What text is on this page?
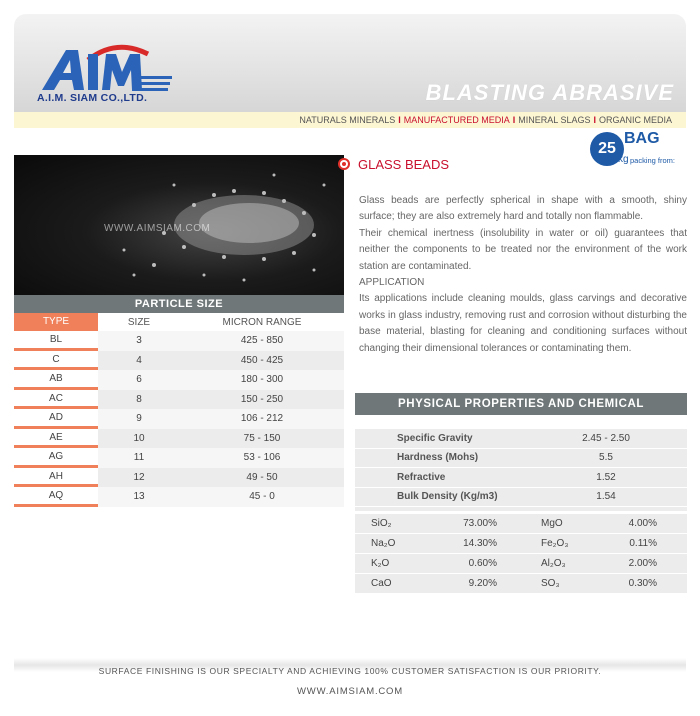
A.I.M. SIAM CO.,LTD.	BLASTING ABRASIVE
NATURALS MINERALS I MANUFACTURED MEDIA I MINERAL SLAGS I ORGANIC MEDIA
WWW.AIMSIAM.COM
PARTICLE SIZE
TYPE	SIZE	MICRON RANGE
BL	3	425 - 850
C	4	450 - 425
AB	6	180 - 300
AC	8	150 - 250
AD	9	106 - 212
AE	10	75 - 150
AG	11	53 - 106
AH	12	49 - 50
AQ	13	45 - 0
GLASS BEADS
25
BAG
kg packing from:

Glass beads are perfectly spherical in shape with a smooth, shiny surface; they are also extremely hard and totally non flammable.

Their chemical inertness (insolubility in water or oil) guarantees that neither the components to be treated nor the environment of the work station are contaminated.

APPLICATION

Its applications include cleaning moulds, glass carvings and decorative works in glass industry, removing rust and corrosion without disturbing the base material, blasting for cleaning and conditioning surfaces without changing their dimensional tolerances or contaminating them.

PHYSICAL PROPERTIES AND CHEMICAL
Specific Gravity	2.45 - 2.50
Hardness (Mohs)	5.5
Refractive	1.52
Bulk Density (Kg/m3)	1.54
SiO₂	73.00%	MgO	4.00%
Na₂O	14.30%	Fe₂O₃	0.11%
K₂O	0.60%	Al₂O₃	2.00%
CaO	9.20%	SO₃	0.30%
SURFACE FINISHING IS OUR SPECIALTY AND ACHIEVING 100% CUSTOMER SATISFACTION IS OUR PRIORITY.
WWW.AIMSIAM.COM
